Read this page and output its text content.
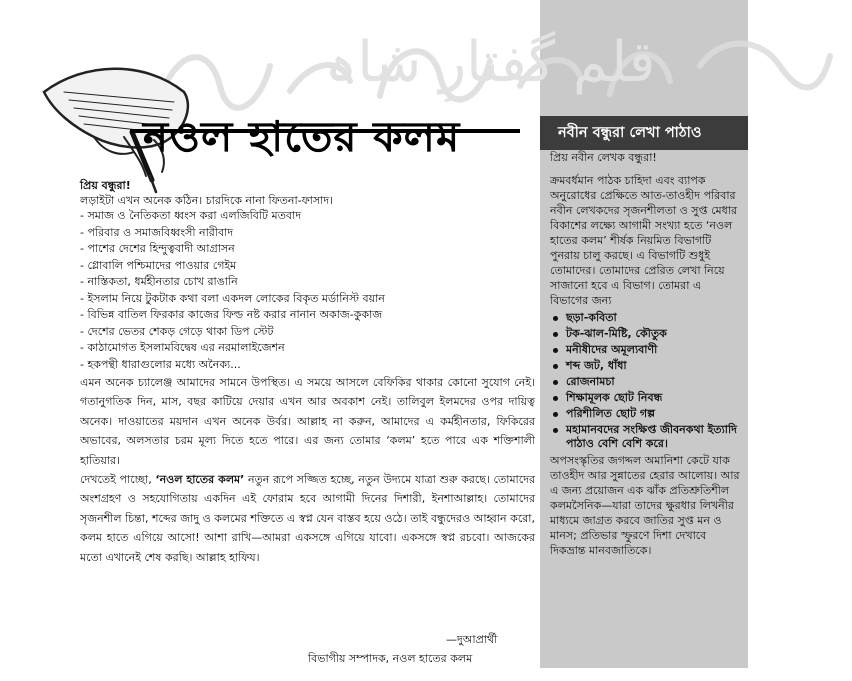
قلم گفتارِ شاہ
নওল হাতের কলম	নবীন বন্ধুরা লেখা পাঠাও

প্রিয় নবীন লেখক বন্ধুরা!

ক্রমবর্ধমান পাঠক চাহিদা এবং ব্যাপক অনুরোধের প্রেক্ষিতে আত-তাওহীদ পরিবার নবীন লেখকদের সৃজনশীলতা ও সুপ্ত মেধার বিকাশের লক্ষ্যে আগামী সংখ্যা হতে ‘নওল হাতের কলম’ শীর্ষক নিয়মিত বিভাগটি পুনরায় চালু করছে। এ বিভাগটি শুধুই তোমাদের। তোমাদের প্রেরিত লেখা নিয়ে সাজানো হবে এ বিভাগ। তোমরা এ বিভাগের জন্য

ছড়া-কবিতা
টক-ঝাল-মিষ্টি, কৌতুক
মনীষীদের অমূল্যবাণী
শব্দ জট, ধাঁধা
রোজনামচা
শিক্ষামূলক ছোট নিবন্ধ
পরিশীলিত ছোট গল্প
মহামানবদের সংক্ষিপ্ত জীবনকথা ইত্যাদি পাঠাও বেশি বেশি করে।

অপসংস্কৃতির জগদ্দল অমানিশা কেটে যাক তাওহীদ আর সুন্নাতের হেরার আলোয়। আর এ জন্য প্রয়োজন এক ঝাঁক প্রতিশ্রুতিশীল কলমসৈনিক—যারা তাদের ক্ষুরধার লিখনীর মাধ্যমে জাগ্রত করবে জাতির সুপ্ত মন ও মানস; প্রতিভার স্ফুরণে দিশা দেখাবে দিকভ্রান্ত মানবজাতিকে।

প্রিয় বন্ধুরা!

লড়াইটা এখন অনেক কঠিন। চারদিকে নানা ফিতনা-ফাসাদ।

- সমাজ ও নৈতিকতা ধ্বংস করা এলজিবিটি মতবাদ
- পরিবার ও সমাজবিধ্বংসী নারীবাদ
- পাশের দেশের হিন্দুত্ববাদী আগ্রাসন
- গ্লোবালি পশ্চিমাদের পাওয়ার গেইম
- নাস্তিকতা, ধর্মহীনতার চোখ রাঙানি
- ইসলাম নিয়ে টুকটাক কথা বলা একদল লোকের বিকৃত মর্ডানিস্ট বয়ান
- বিভিন্ন বাতিল ফিরকার কাজের ফিল্ড নষ্ট করার নানান অকাজ-কুকাজ
- দেশের ভেতর শেকড় গেড়ে থাকা ডিপ স্টেট
- কাঠামোগত ইসলামবিদ্বেষ এর নরমালাইজেশন
- হকপন্থী ধারাগুলোর মধ্যে অনৈক্য...

এমন অনেক চ্যালেঞ্জ আমাদের সামনে উপস্থিত। এ সময়ে আসলে বেফিকির থাকার কোনো সুযোগ নেই। গতানুগতিক দিন, মাস, বছর কাটিয়ে দেয়ার এখন আর অবকাশ নেই। তালিবুল ইলমদের ওপর দায়িত্ব অনেক। দাওয়াতের ময়দান এখন অনেক উর্বর। আল্লাহ না করুন, আমাদের এ কর্মহীনতার, ফিকিরের অভাবের, অলসতার চরম মূল্য দিতে হতে পারে। এর জন্য তোমার ‘কলম’ হতে পারে এক শক্তিশালী হাতিয়ার।

দেখতেই পাচ্ছো, ‘নওল হাতের কলম’ নতুন রূপে সজ্জিত হচ্ছে, নতুন উদ্যমে যাত্রা শুরু করছে। তোমাদের অংশগ্রহণ ও সহযোগিতায় একদিন এই ফোরাম হবে আগামী দিনের দিশারী, ইনশাআল্লাহ। তোমাদের সৃজনশীল চিন্তা, শব্দের জাদু ও কলমের শক্তিতে এ স্বপ্ন যেন বাস্তব হয়ে ওঠে। তাই বন্ধুদেরও আহ্বান করো, কলম হাতে এগিয়ে আসো! আশা রাখি—আমরা একসঙ্গে এগিয়ে যাবো। একসঙ্গে স্বপ্ন রচবো। আজকের মতো এখানেই শেষ করছি। আল্লাহ হাফিয।

—দুআপ্রার্থী
বিভাগীয় সম্পাদক, নওল হাতের কলম
